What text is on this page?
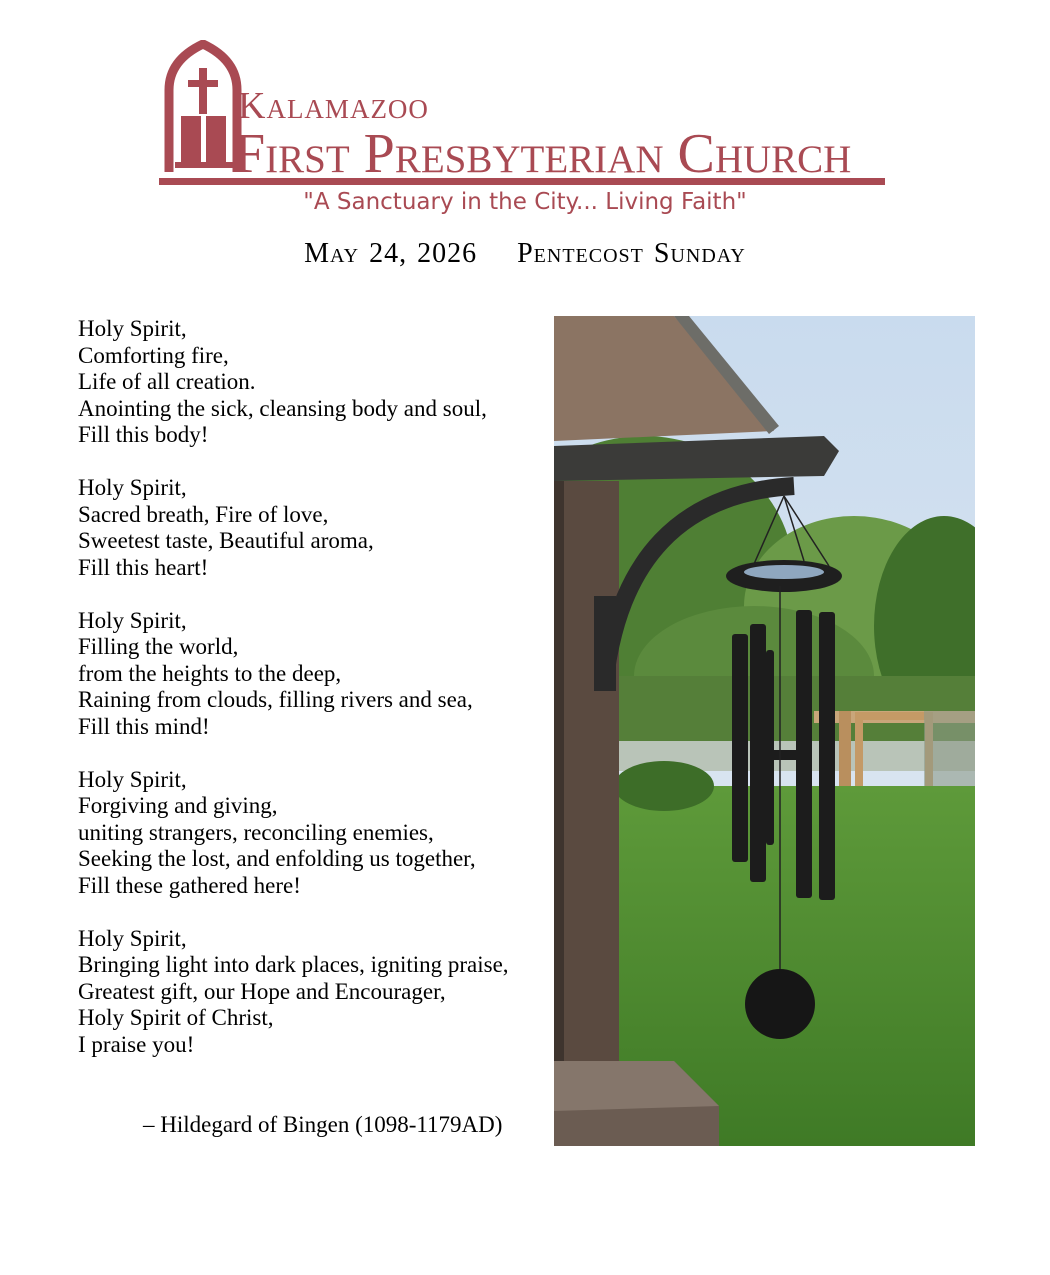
Kalamazoo
First Presbyterian Church
"A Sanctuary in the City... Living Faith"
May 24, 2026 Pentecost Sunday
Holy Spirit,
Comforting fire,
Life of all creation.
Anointing the sick, cleansing body and soul,
Fill this body!
Holy Spirit,
Sacred breath, Fire of love,
Sweetest taste, Beautiful aroma,
Fill this heart!
Holy Spirit,
Filling the world,
from the heights to the deep,
Raining from clouds, filling rivers and sea,
Fill this mind!
Holy Spirit,
Forgiving and giving,
uniting strangers, reconciling enemies,
Seeking the lost, and enfolding us together,
Fill these gathered here!
Holy Spirit,
Bringing light into dark places, igniting praise,
Greatest gift, our Hope and Encourager,
Holy Spirit of Christ,
I praise you!
– Hildegard of Bingen (1098-1179AD)
